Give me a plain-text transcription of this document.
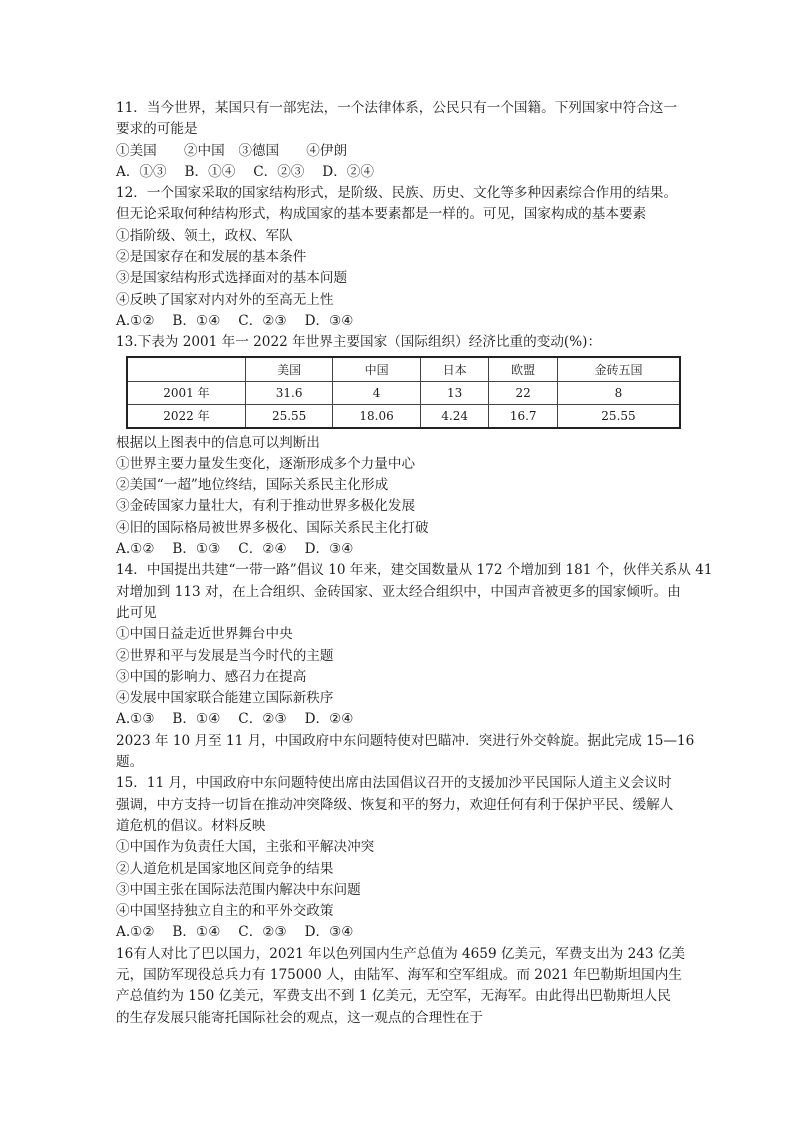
11．当今世界，某国只有一部宪法，一个法律体系，公民只有一个国籍。下列国家中符合这一
要求的可能是
①美国　　②中国　③德国　　④伊朗
A．①③　 B．①④　 C．②③　 D．②④
12．一个国家采取的国家结构形式，是阶级、民族、历史、文化等多种因素综合作用的结果。
但无论采取何种结构形式，构成国家的基本要素都是一样的。可见，国家构成的基本要素
①指阶级、领土，政权、军队
②是国家存在和发展的基本条件
③是国家结构形式选择面对的基本问题
④反映了国家对内对外的至高无上性
A.①②　 B．①④　 C．②③　 D．③④
13.下表为 2001 年一 2022 年世界主要国家（国际组织）经济比重的变动(%)：
	美国	中国	日本	欧盟	金砖五国
2001 年	31.6	4	13	22	8
2022 年	25.55	18.06	4.24	16.7	25.55
根据以上图表中的信息可以判断出
①世界主要力量发生变化，逐渐形成多个力量中心
②美国“一超”地位终结，国际关系民主化形成
③金砖国家力量壮大，有利于推动世界多极化发展
④旧的国际格局被世界多极化、国际关系民主化打破
A.①②　 B．①③　 C．②④　 D．③④
14．中国提出共建“一带一路”倡议 10 年来，建交国数量从 172 个增加到 181 个，伙伴关系从 41
对增加到 113 对，在上合组织、金砖国家、亚太经合组织中，中国声音被更多的国家倾听。由
此可见
①中国日益走近世界舞台中央
②世界和平与发展是当今时代的主题
③中国的影响力、感召力在提高
④发展中国家联合能建立国际新秩序
A.①③　 B．①④　 C．②③　 D．②④
2023 年 10 月至 11 月，中国政府中东问题特使对巴瞄冲．突进行外交斡旋。据此完成 15—16
题。
15．11 月，中国政府中东问题特使出席由法国倡议召开的支援加沙平民国际人道主义会议时
强调，中方支持一切旨在推动冲突降级、恢复和平的努力，欢迎任何有利于保护平民、缓解人
道危机的倡议。材料反映
①中国作为负责任大国，主张和平解决冲突
②人道危机是国家地区间竞争的结果
③中国主张在国际法范围内解决中东问题
④中国坚持独立自主的和平外交政策
A.①②　 B．①④　 C．②③　 D．③④
16有人对比了巴以国力，2021 年以色列国内生产总值为 4659 亿美元，军费支出为 243 亿美
元，国防军现役总兵力有 175000 人，由陆军、海军和空军组成。而 2021 年巴勒斯坦国内生
产总值约为 150 亿美元，军费支出不到 1 亿美元，无空军，无海军。由此得出巴勒斯坦人民
的生存发展只能寄托国际社会的观点，这一观点的合理性在于
